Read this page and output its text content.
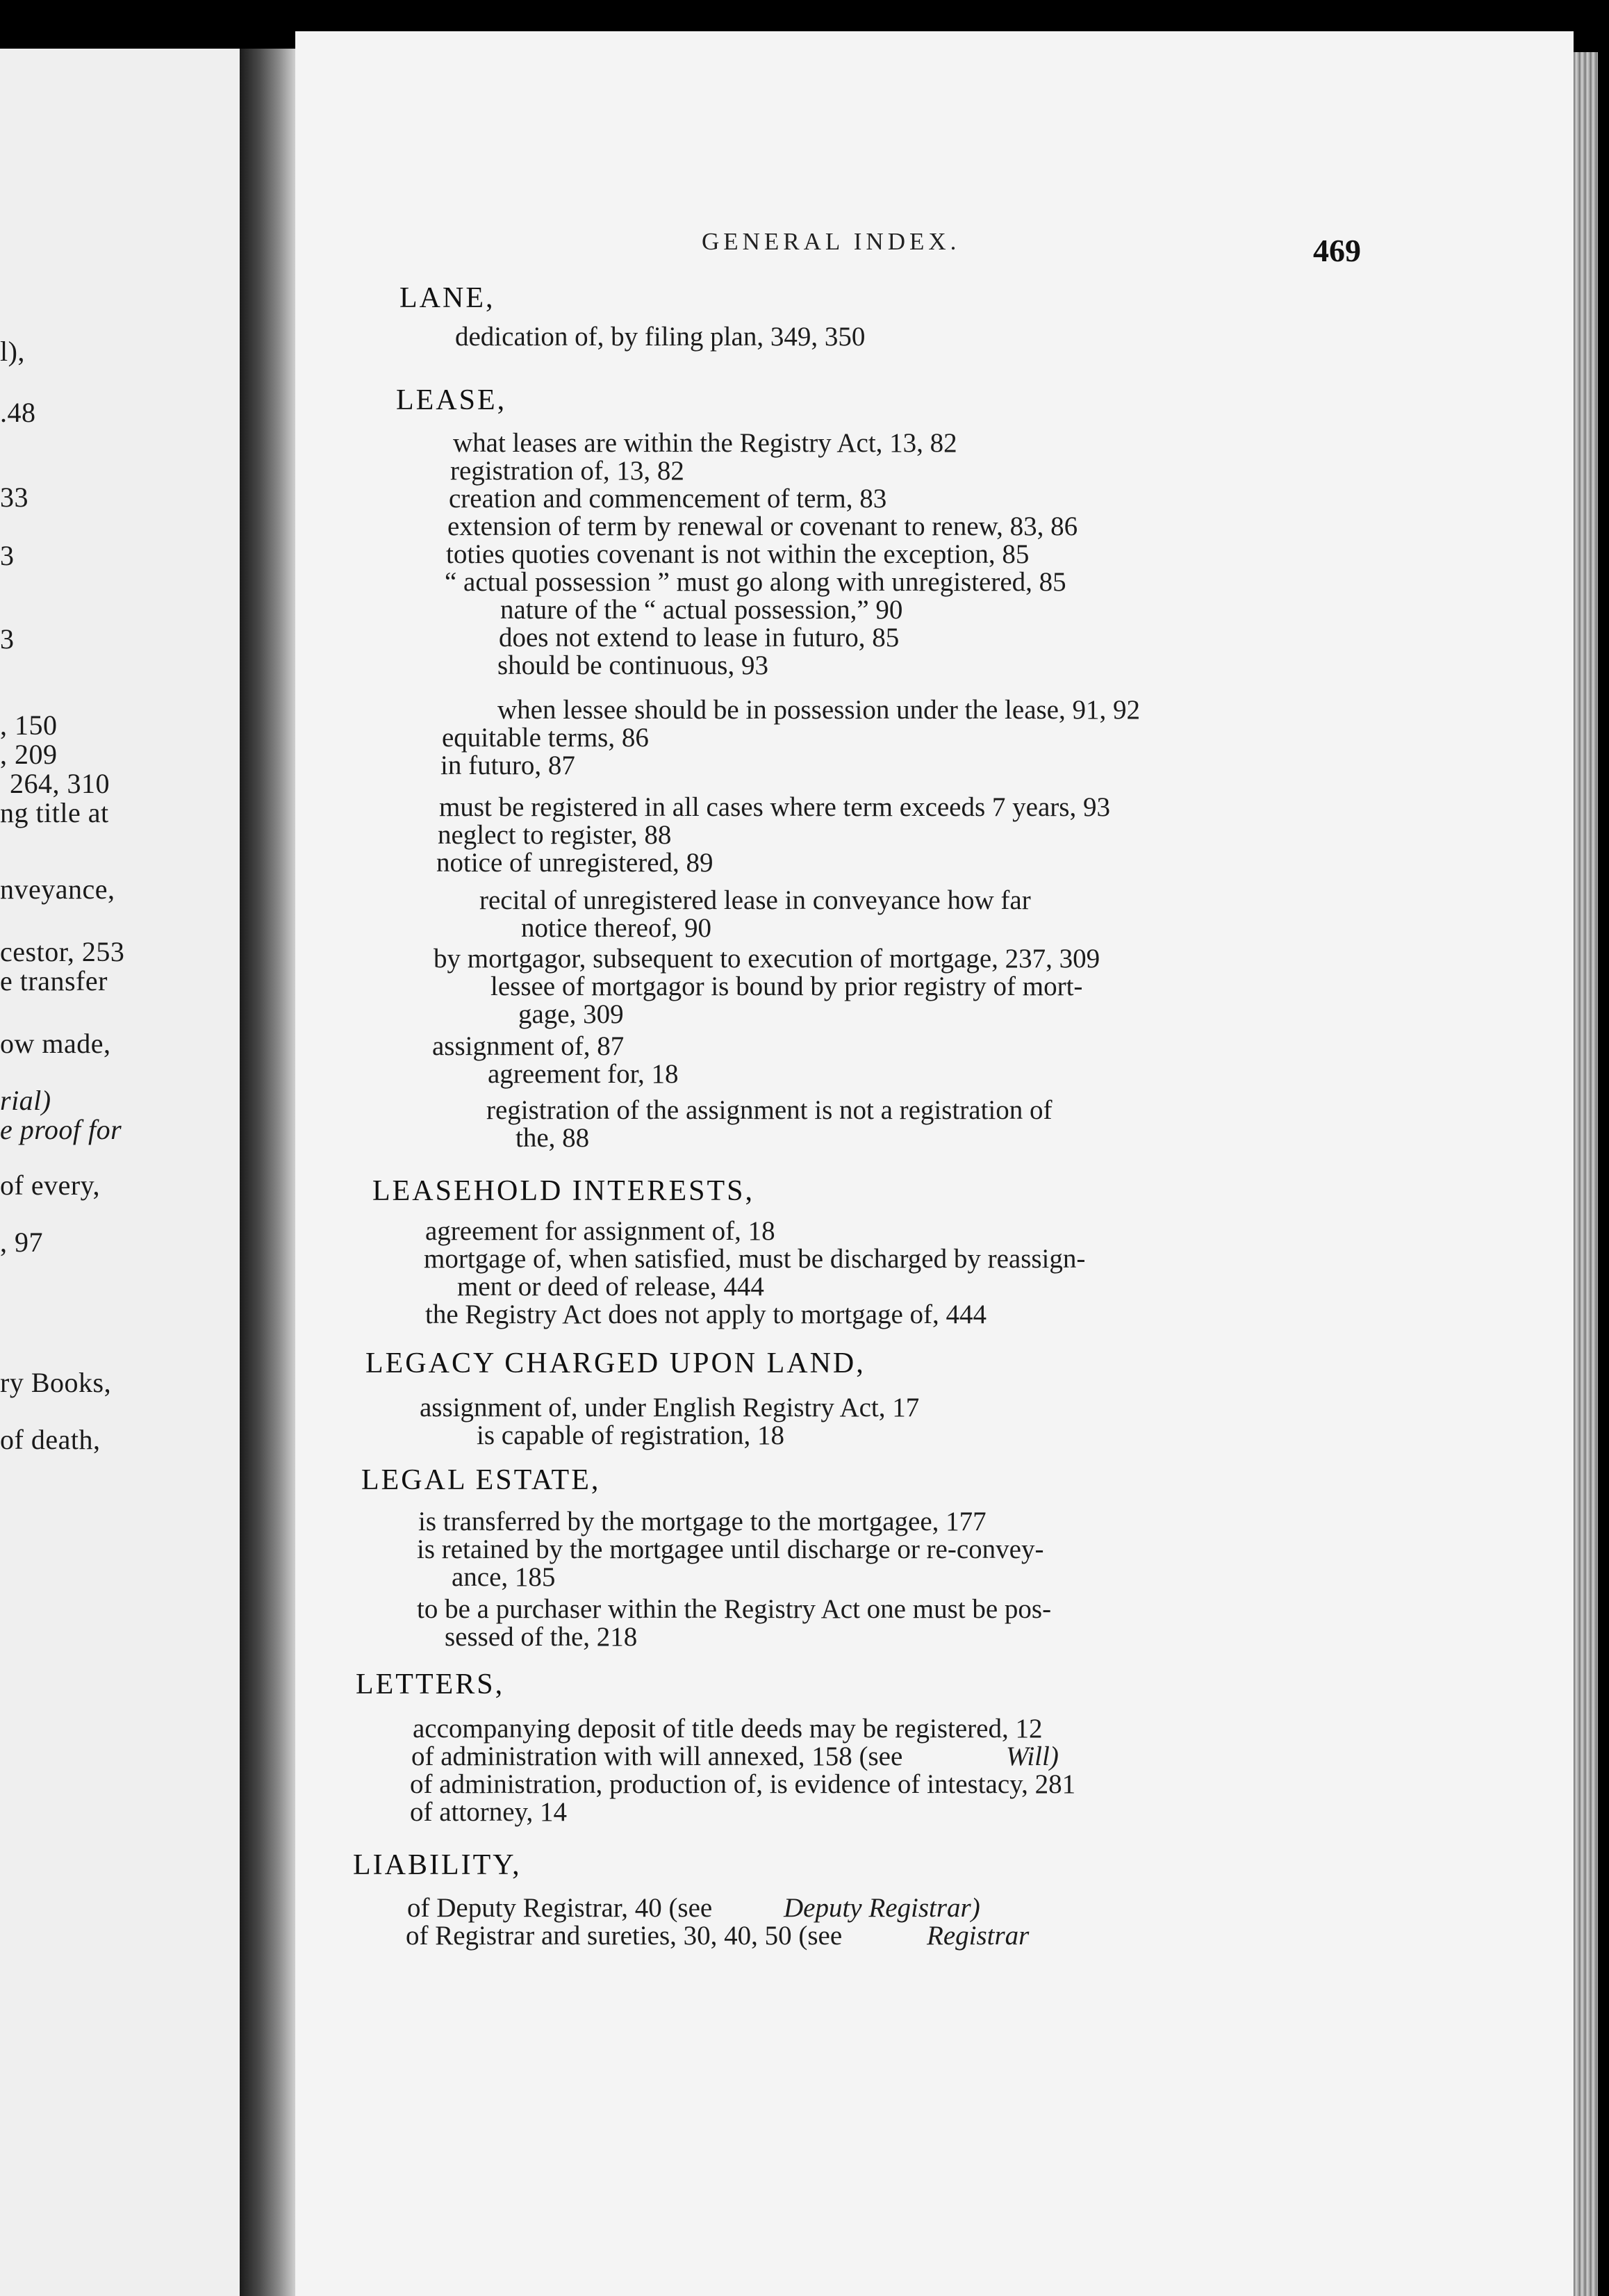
l),
.48
33
3
3
, 150
, 209
264, 310
ng title at
nveyance,
cestor, 253
e transfer
ow made,
rial)
e proof for
of every,
, 97
ry Books,
of death,
GENERAL INDEX.	469
LANE,
dedication of, by filing plan, 349, 350
LEASE,
what leases are within the Registry Act, 13, 82
registration of, 13, 82
creation and commencement of term, 83
extension of term by renewal or covenant to renew, 83, 86
toties quoties covenant is not within the exception, 85
“ actual possession ” must go along with unregistered, 85
nature of the “ actual possession,” 90
does not extend to lease in futuro, 85
should be continuous, 93
when lessee should be in possession under the lease, 91, 92
equitable terms, 86
in futuro, 87
must be registered in all cases where term exceeds 7 years, 93
neglect to register, 88
notice of unregistered, 89
recital of unregistered lease in conveyance how far
notice thereof, 90
by mortgagor, subsequent to execution of mortgage, 237, 309
lessee of mortgagor is bound by prior registry of mort-
gage, 309
assignment of, 87
agreement for, 18
registration of the assignment is not a registration of
the, 88
LEASEHOLD INTERESTS,
agreement for assignment of, 18
mortgage of, when satisfied, must be discharged by reassign-
ment or deed of release, 444
the Registry Act does not apply to mortgage of, 444
LEGACY CHARGED UPON LAND,
assignment of, under English Registry Act, 17
is capable of registration, 18
LEGAL ESTATE,
is transferred by the mortgage to the mortgagee, 177
is retained by the mortgagee until discharge or re-convey-
ance, 185
to be a purchaser within the Registry Act one must be pos-
sessed of the, 218
LETTERS,
accompanying deposit of title deeds may be registered, 12
of administration with will annexed, 158 (see	Will)
of administration, production of, is evidence of intestacy, 281
of attorney, 14
LIABILITY,
of Deputy Registrar, 40 (see	Deputy Registrar)
of Registrar and sureties, 30, 40, 50 (see	Registrar
